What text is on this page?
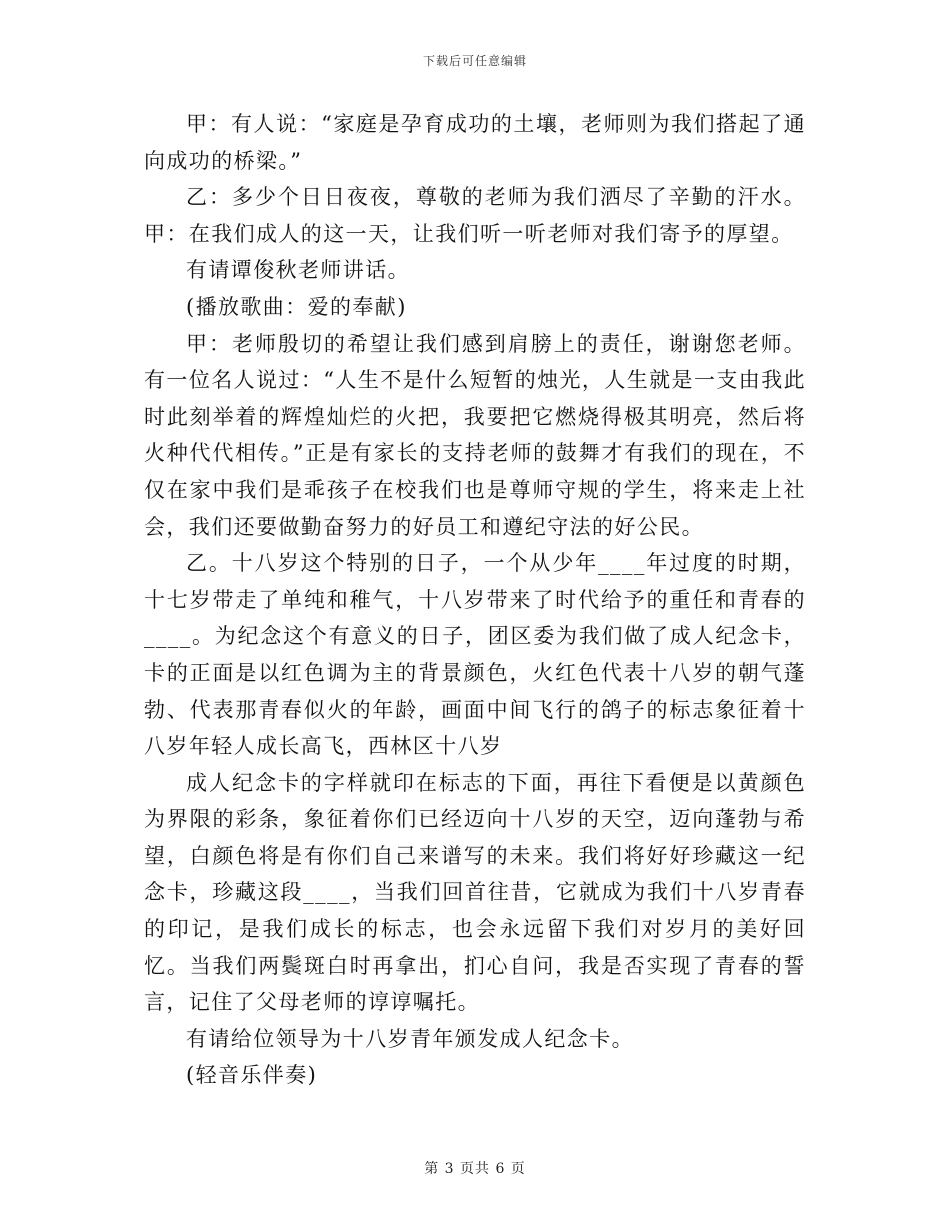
下载后可任意编辑

甲：有人说：“家庭是孕育成功的土壤，老师则为我们搭起了通向成功的桥梁。”

乙：多少个日日夜夜，尊敬的老师为我们洒尽了辛勤的汗水。甲：在我们成人的这一天，让我们听一听老师对我们寄予的厚望。

有请谭俊秋老师讲话。

(播放歌曲：爱的奉献)

甲：老师殷切的希望让我们感到肩膀上的责任，谢谢您老师。有一位名人说过：“人生不是什么短暂的烛光，人生就是一支由我此时此刻举着的辉煌灿烂的火把，我要把它燃烧得极其明亮，然后将火种代代相传。”正是有家长的支持老师的鼓舞才有我们的现在，不仅在家中我们是乖孩子在校我们也是尊师守规的学生，将来走上社会，我们还要做勤奋努力的好员工和遵纪守法的好公民。

乙。十八岁这个特别的日子，一个从少年____年过度的时期，十七岁带走了单纯和稚气，十八岁带来了时代给予的重任和青春的____。为纪念这个有意义的日子，团区委为我们做了成人纪念卡，卡的正面是以红色调为主的背景颜色，火红色代表十八岁的朝气蓬勃、代表那青春似火的年龄，画面中间飞行的鸽子的标志象征着十八岁年轻人成长高飞，西林区十八岁

成人纪念卡的字样就印在标志的下面，再往下看便是以黄颜色为界限的彩条，象征着你们已经迈向十八岁的天空，迈向蓬勃与希望，白颜色将是有你们自己来谱写的未来。我们将好好珍藏这一纪念卡，珍藏这段____，当我们回首往昔，它就成为我们十八岁青春的印记，是我们成长的标志，也会永远留下我们对岁月的美好回忆。当我们两鬓斑白时再拿出，扪心自问，我是否实现了青春的誓言，记住了父母老师的谆谆嘱托。

有请给位领导为十八岁青年颁发成人纪念卡。

(轻音乐伴奏)

第 3 页共 6 页
